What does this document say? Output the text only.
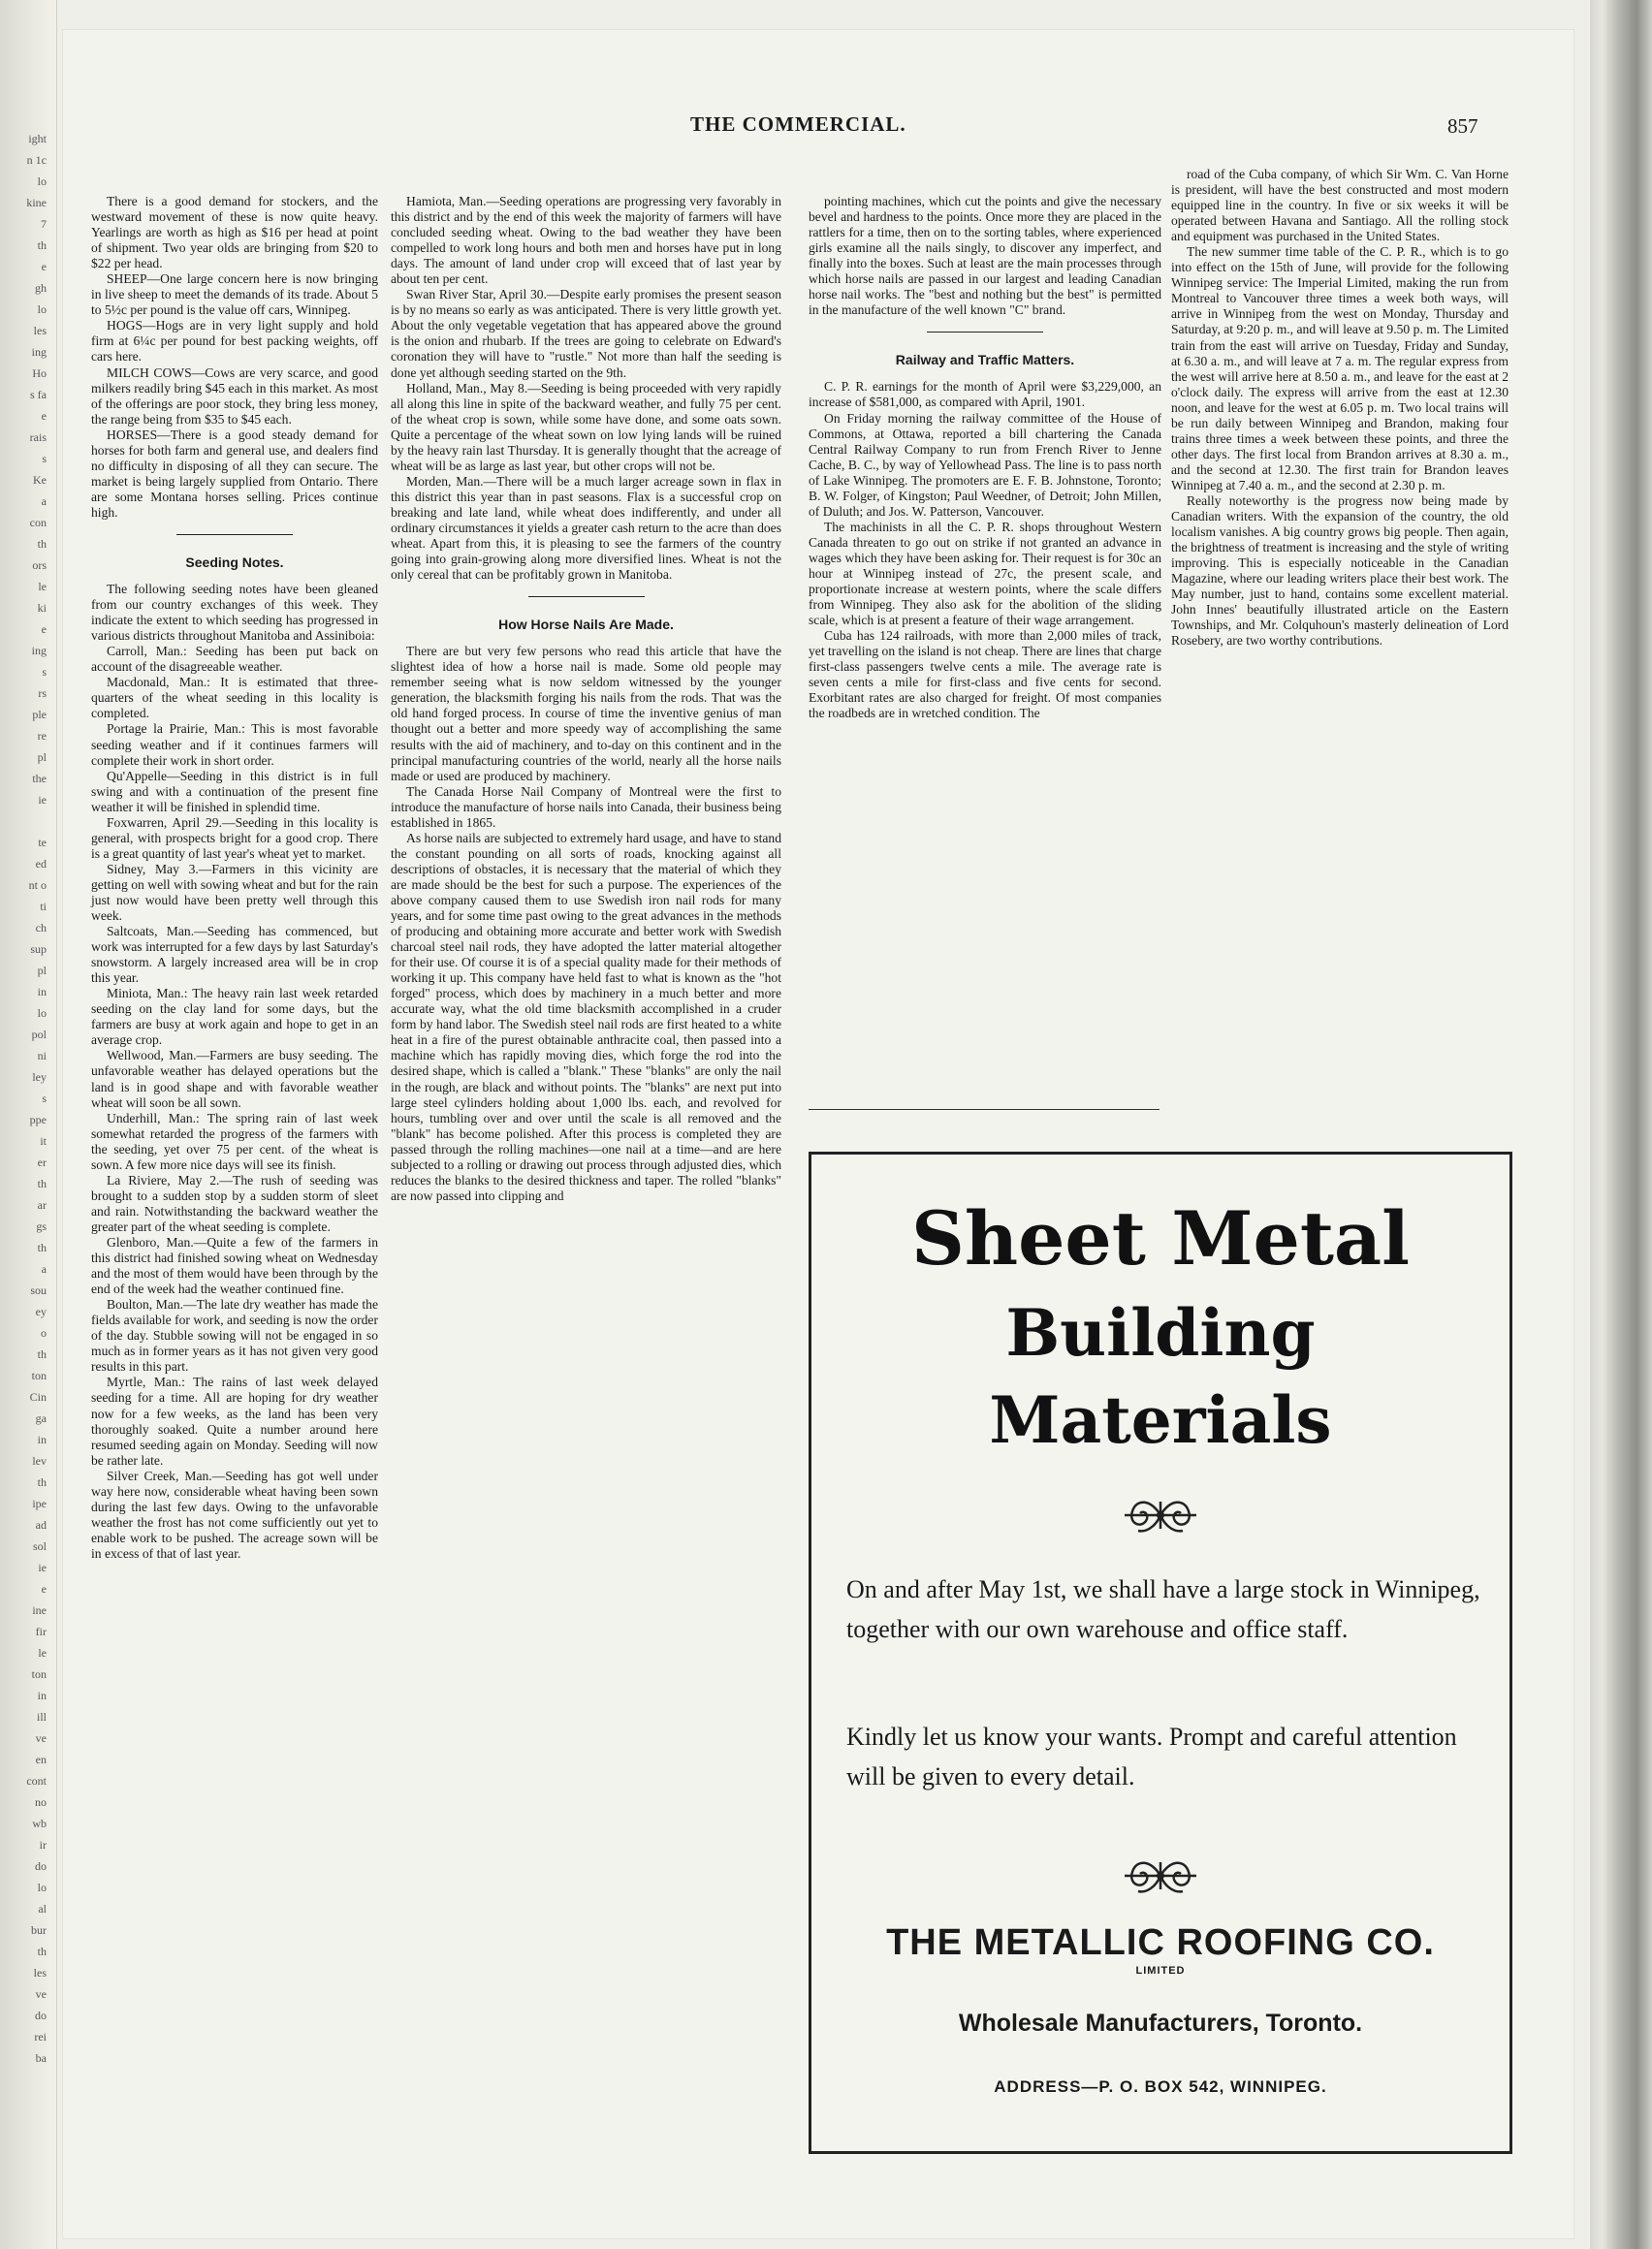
ight
n 1c
lo
kine
7
th
e
gh
lo
les
ing
Ho
s fa
e
rais
s
Ke
a
con
th
ors
le
ki
e
ing
s
rs
ple
re
pl
the
ie
te
ed
nt o
ti
ch
sup
pl
in
lo
pol
ni
ley
s
ppe
it
er
th
ar
gs
th
a
sou
ey
o
th
ton
Cin
ga
in
lev
th
ipe
ad
sol
ie
e
ine
fir
le
ton
in
ill
ve
en
cont
no
wb
ir
do
lo
al
bur
th
les
ve
do
rei
ba
THE COMMERCIAL.	857

There is a good demand for stockers, and the westward movement of these is now quite heavy. Yearlings are worth as high as $16 per head at point of shipment. Two year olds are bringing from $20 to $22 per head.

SHEEP—One large concern here is now bringing in live sheep to meet the demands of its trade. About 5 to 5½c per pound is the value off cars, Winnipeg.

HOGS—Hogs are in very light supply and hold firm at 6¼c per pound for best packing weights, off cars here.

MILCH COWS—Cows are very scarce, and good milkers readily bring $45 each in this market. As most of the offerings are poor stock, they bring less money, the range being from $35 to $45 each.

HORSES—There is a good steady demand for horses for both farm and general use, and dealers find no difficulty in disposing of all they can secure. The market is being largely supplied from Ontario. There are some Montana horses selling. Prices continue high.

Seeding Notes.

The following seeding notes have been gleaned from our country exchanges of this week. They indicate the extent to which seeding has progressed in various districts throughout Manitoba and Assiniboia:

Carroll, Man.: Seeding has been put back on account of the disagreeable weather.

Macdonald, Man.: It is estimated that three-quarters of the wheat seeding in this locality is completed.

Portage la Prairie, Man.: This is most favorable seeding weather and if it continues farmers will complete their work in short order.

Qu'Appelle—Seeding in this district is in full swing and with a continuation of the present fine weather it will be finished in splendid time.

Foxwarren, April 29.—Seeding in this locality is general, with prospects bright for a good crop. There is a great quantity of last year's wheat yet to market.

Sidney, May 3.—Farmers in this vicinity are getting on well with sowing wheat and but for the rain just now would have been pretty well through this week.

Saltcoats, Man.—Seeding has commenced, but work was interrupted for a few days by last Saturday's snowstorm. A largely increased area will be in crop this year.

Miniota, Man.: The heavy rain last week retarded seeding on the clay land for some days, but the farmers are busy at work again and hope to get in an average crop.

Wellwood, Man.—Farmers are busy seeding. The unfavorable weather has delayed operations but the land is in good shape and with favorable weather wheat will soon be all sown.

Underhill, Man.: The spring rain of last week somewhat retarded the progress of the farmers with the seeding, yet over 75 per cent. of the wheat is sown. A few more nice days will see its finish.

La Riviere, May 2.—The rush of seeding was brought to a sudden stop by a sudden storm of sleet and rain. Notwithstanding the backward weather the greater part of the wheat seeding is complete.

Glenboro, Man.—Quite a few of the farmers in this district had finished sowing wheat on Wednesday and the most of them would have been through by the end of the week had the weather continued fine.

Boulton, Man.—The late dry weather has made the fields available for work, and seeding is now the order of the day. Stubble sowing will not be engaged in so much as in former years as it has not given very good results in this part.

Myrtle, Man.: The rains of last week delayed seeding for a time. All are hoping for dry weather now for a few weeks, as the land has been very thoroughly soaked. Quite a number around here resumed seeding again on Monday. Seeding will now be rather late.

Silver Creek, Man.—Seeding has got well under way here now, considerable wheat having been sown during the last few days. Owing to the unfavorable weather the frost has not come sufficiently out yet to enable work to be pushed. The acreage sown will be in excess of that of last year.

Hamiota, Man.—Seeding operations are progressing very favorably in this district and by the end of this week the majority of farmers will have concluded seeding wheat. Owing to the bad weather they have been compelled to work long hours and both men and horses have put in long days. The amount of land under crop will exceed that of last year by about ten per cent.

Swan River Star, April 30.—Despite early promises the present season is by no means so early as was anticipated. There is very little growth yet. About the only vegetable vegetation that has appeared above the ground is the onion and rhubarb. If the trees are going to celebrate on Edward's coronation they will have to "rustle." Not more than half the seeding is done yet although seeding started on the 9th.

Holland, Man., May 8.—Seeding is being proceeded with very rapidly all along this line in spite of the backward weather, and fully 75 per cent. of the wheat crop is sown, while some have done, and some oats sown. Quite a percentage of the wheat sown on low lying lands will be ruined by the heavy rain last Thursday. It is generally thought that the acreage of wheat will be as large as last year, but other crops will not be.

Morden, Man.—There will be a much larger acreage sown in flax in this district this year than in past seasons. Flax is a successful crop on breaking and late land, while wheat does indifferently, and under all ordinary circumstances it yields a greater cash return to the acre than does wheat. Apart from this, it is pleasing to see the farmers of the country going into grain-growing along more diversified lines. Wheat is not the only cereal that can be profitably grown in Manitoba.

How Horse Nails Are Made.

There are but very few persons who read this article that have the slightest idea of how a horse nail is made. Some old people may remember seeing what is now seldom witnessed by the younger generation, the blacksmith forging his nails from the rods. That was the old hand forged process. In course of time the inventive genius of man thought out a better and more speedy way of accomplishing the same results with the aid of machinery, and to-day on this continent and in the principal manufacturing countries of the world, nearly all the horse nails made or used are produced by machinery.

The Canada Horse Nail Company of Montreal were the first to introduce the manufacture of horse nails into Canada, their business being established in 1865.

As horse nails are subjected to extremely hard usage, and have to stand the constant pounding on all sorts of roads, knocking against all descriptions of obstacles, it is necessary that the material of which they are made should be the best for such a purpose. The experiences of the above company caused them to use Swedish iron nail rods for many years, and for some time past owing to the great advances in the methods of producing and obtaining more accurate and better work with Swedish charcoal steel nail rods, they have adopted the latter material altogether for their use. Of course it is of a special quality made for their methods of working it up. This company have held fast to what is known as the "hot forged" process, which does by machinery in a much better and more accurate way, what the old time blacksmith accomplished in a cruder form by hand labor. The Swedish steel nail rods are first heated to a white heat in a fire of the purest obtainable anthracite coal, then passed into a machine which has rapidly moving dies, which forge the rod into the desired shape, which is called a "blank." These "blanks" are only the nail in the rough, are black and without points. The "blanks" are next put into large steel cylinders holding about 1,000 lbs. each, and revolved for hours, tumbling over and over until the scale is all removed and the "blank" has become polished. After this process is completed they are passed through the rolling machines—one nail at a time—and are here subjected to a rolling or drawing out process through adjusted dies, which reduces the blanks to the desired thickness and taper. The rolled "blanks" are now passed into clipping and

pointing machines, which cut the points and give the necessary bevel and hardness to the points. Once more they are placed in the rattlers for a time, then on to the sorting tables, where experienced girls examine all the nails singly, to discover any imperfect, and finally into the boxes. Such at least are the main processes through which horse nails are passed in our largest and leading Canadian horse nail works. The "best and nothing but the best" is permitted in the manufacture of the well known "C" brand.

Railway and Traffic Matters.

C. P. R. earnings for the month of April were $3,229,000, an increase of $581,000, as compared with April, 1901.

On Friday morning the railway committee of the House of Commons, at Ottawa, reported a bill chartering the Canada Central Railway Company to run from French River to Jenne Cache, B. C., by way of Yellowhead Pass. The line is to pass north of Lake Winnipeg. The promoters are E. F. B. Johnstone, Toronto; B. W. Folger, of Kingston; Paul Weedner, of Detroit; John Millen, of Duluth; and Jos. W. Patterson, Vancouver.

The machinists in all the C. P. R. shops throughout Western Canada threaten to go out on strike if not granted an advance in wages which they have been asking for. Their request is for 30c an hour at Winnipeg instead of 27c, the present scale, and proportionate increase at western points, where the scale differs from Winnipeg. They also ask for the abolition of the sliding scale, which is at present a feature of their wage arrangement.

Cuba has 124 railroads, with more than 2,000 miles of track, yet travelling on the island is not cheap. There are lines that charge first-class passengers twelve cents a mile. The average rate is seven cents a mile for first-class and five cents for second. Exorbitant rates are also charged for freight. Of most companies the roadbeds are in wretched condition. The

road of the Cuba company, of which Sir Wm. C. Van Horne is president, will have the best constructed and most modern equipped line in the country. In five or six weeks it will be operated between Havana and Santiago. All the rolling stock and equipment was purchased in the United States.

The new summer time table of the C. P. R., which is to go into effect on the 15th of June, will provide for the following Winnipeg service: The Imperial Limited, making the run from Montreal to Vancouver three times a week both ways, will arrive in Winnipeg from the west on Monday, Thursday and Saturday, at 9:20 p. m., and will leave at 9.50 p. m. The Limited train from the east will arrive on Tuesday, Friday and Sunday, at 6.30 a. m., and will leave at 7 a. m. The regular express from the west will arrive here at 8.50 a. m., and leave for the east at 2 o'clock daily. The express will arrive from the east at 12.30 noon, and leave for the west at 6.05 p. m. Two local trains will be run daily between Winnipeg and Brandon, making four trains three times a week between these points, and three the other days. The first local from Brandon arrives at 8.30 a. m., and the second at 12.30. The first train for Brandon leaves Winnipeg at 7.40 a. m., and the second at 2.30 p. m.

Really noteworthy is the progress now being made by Canadian writers. With the expansion of the country, the old localism vanishes. A big country grows big people. Then again, the brightness of treatment is increasing and the style of writing improving. This is especially noticeable in the Canadian Magazine, where our leading writers place their best work. The May number, just to hand, contains some excellent material. John Innes' beautifully illustrated article on the Eastern Townships, and Mr. Colquhoun's masterly delineation of Lord Rosebery, are two worthy contributions.

Sheet Metal
Building
Materials
On and after May 1st, we shall have a large stock in Winnipeg, together with our own warehouse and office staff.
Kindly let us know your wants. Prompt and careful attention will be given to every detail.
THE METALLIC ROOFING CO.
LIMITED
Wholesale Manufacturers, Toronto.
ADDRESS—P. O. BOX 542, WINNIPEG.
